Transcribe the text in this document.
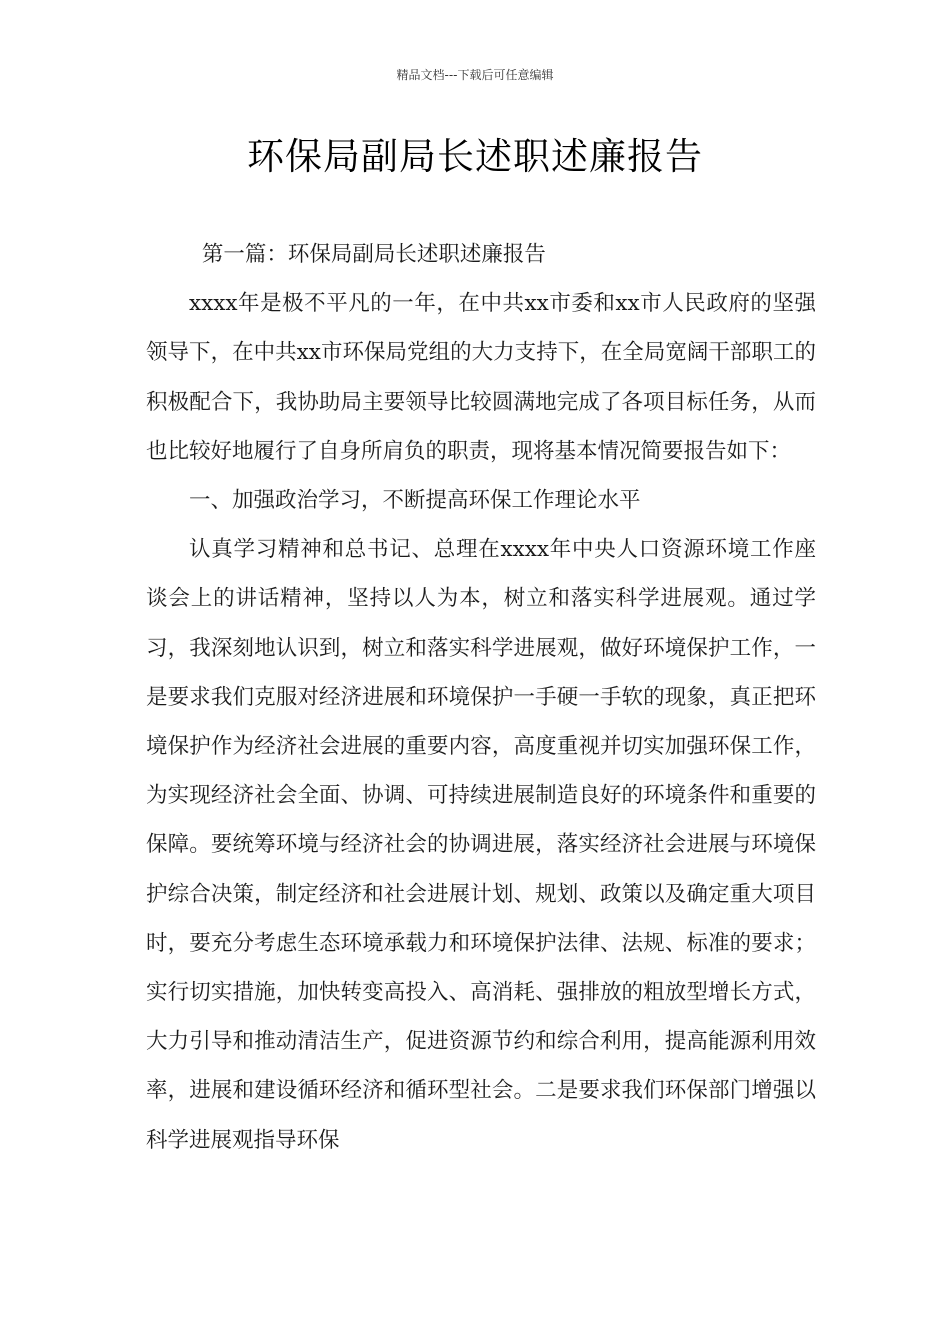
精品文档---下载后可任意编辑
环保局副局长述职述廉报告

第一篇：环保局副局长述职述廉报告

xxxx年是极不平凡的一年，在中共xx市委和xx市人民政府的坚强领导下，在中共xx市环保局党组的大力支持下，在全局宽阔干部职工的积极配合下，我协助局主要领导比较圆满地完成了各项目标任务，从而也比较好地履行了自身所肩负的职责，现将基本情况简要报告如下：

一、加强政治学习，不断提高环保工作理论水平

认真学习精神和总书记、总理在xxxx年中央人口资源环境工作座谈会上的讲话精神，坚持以人为本，树立和落实科学进展观。通过学习，我深刻地认识到，树立和落实科学进展观，做好环境保护工作，一是要求我们克服对经济进展和环境保护一手硬一手软的现象，真正把环境保护作为经济社会进展的重要内容，高度重视并切实加强环保工作，为实现经济社会全面、协调、可持续进展制造良好的环境条件和重要的保障。要统筹环境与经济社会的协调进展，落实经济社会进展与环境保护综合决策，制定经济和社会进展计划、规划、政策以及确定重大项目时，要充分考虑生态环境承载力和环境保护法律、法规、标准的要求；实行切实措施，加快转变高投入、高消耗、强排放的粗放型增长方式，大力引导和推动清洁生产，促进资源节约和综合利用，提高能源利用效率，进展和建设循环经济和循环型社会。二是要求我们环保部门增强以科学进展观指导环保
